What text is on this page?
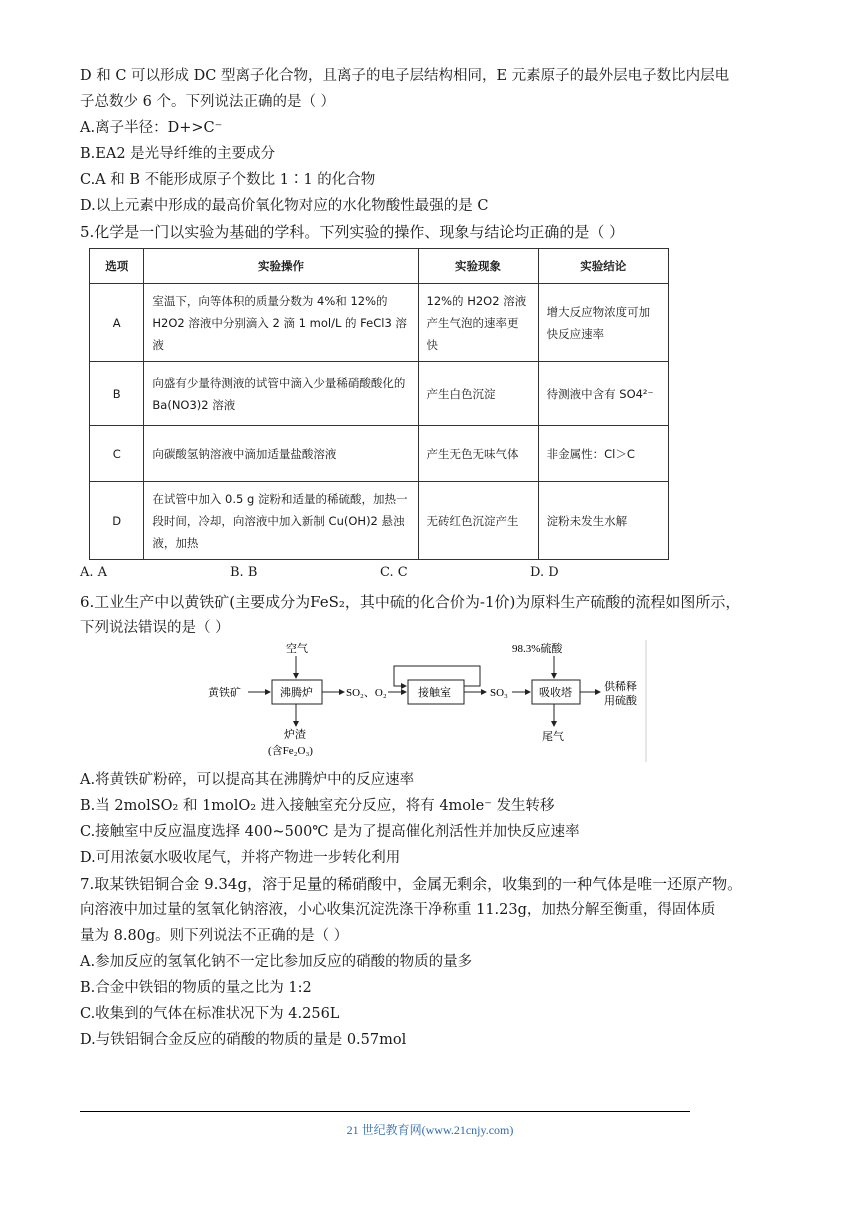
D 和 C 可以形成 DC 型离子化合物，且离子的电子层结构相同，E 元素原子的最外层电子数比内层电
子总数少 6 个。下列说法正确的是（ ）
A.离子半径：D+>C⁻
B.EA2 是光导纤维的主要成分
C.A 和 B 不能形成原子个数比 1∶1 的化合物
D.以上元素中形成的最高价氧化物对应的水化物酸性最强的是 C
5.化学是一门以实验为基础的学科。下列实验的操作、现象与结论均正确的是（ ）
选项	实验操作	实验现象	实验结论
A	室温下，向等体积的质量分数为 4%和 12%的 H2O2 溶液中分别滴入 2 滴 1 mol/L 的 FeCl3 溶液	12%的 H2O2 溶液产生气泡的速率更快	增大反应物浓度可加快反应速率
B	向盛有少量待测液的试管中滴入少量稀硝酸酸化的 Ba(NO3)2 溶液	产生白色沉淀	待测液中含有 SO4²⁻
C	向碳酸氢钠溶液中滴加适量盐酸溶液	产生无色无味气体	非金属性：Cl＞C
D	在试管中加入 0.5 g 淀粉和适量的稀硫酸，加热一段时间，冷却，向溶液中加入新制 Cu(OH)2 悬浊液，加热	无砖红色沉淀产生	淀粉未发生水解
A. A	B. B	C. C	D. D
6.工业生产中以黄铁矿(主要成分为FeS₂，其中硫的化合价为-1价)为原料生产硫酸的流程如图所示，
下列说法错误的是（ ）
空气
黄铁矿	沸腾炉	SO₂、O₂	接触室	SO₃
98.3%硫酸
吸收塔	供稀释
用硫酸
炉渣
(含Fe₂O₃)
尾气
A.将黄铁矿粉碎，可以提高其在沸腾炉中的反应速率
B.当 2molSO₂ 和 1molO₂ 进入接触室充分反应，将有 4mole⁻ 发生转移
C.接触室中反应温度选择 400~500℃ 是为了提高催化剂活性并加快反应速率
D.可用浓氨水吸收尾气，并将产物进一步转化利用
7.取某铁铝铜合金 9.34g，溶于足量的稀硝酸中，金属无剩余，收集到的一种气体是唯一还原产物。
向溶液中加过量的氢氧化钠溶液，小心收集沉淀洗涤干净称重 11.23g，加热分解至衡重，得固体质
量为 8.80g。则下列说法不正确的是（ ）
A.参加反应的氢氧化钠不一定比参加反应的硝酸的物质的量多
B.合金中铁铝的物质的量之比为 1:2
C.收集到的气体在标准状况下为 4.256L
D.与铁铝铜合金反应的硝酸的物质的量是 0.57mol
21 世纪教育网(www.21cnjy.com)
